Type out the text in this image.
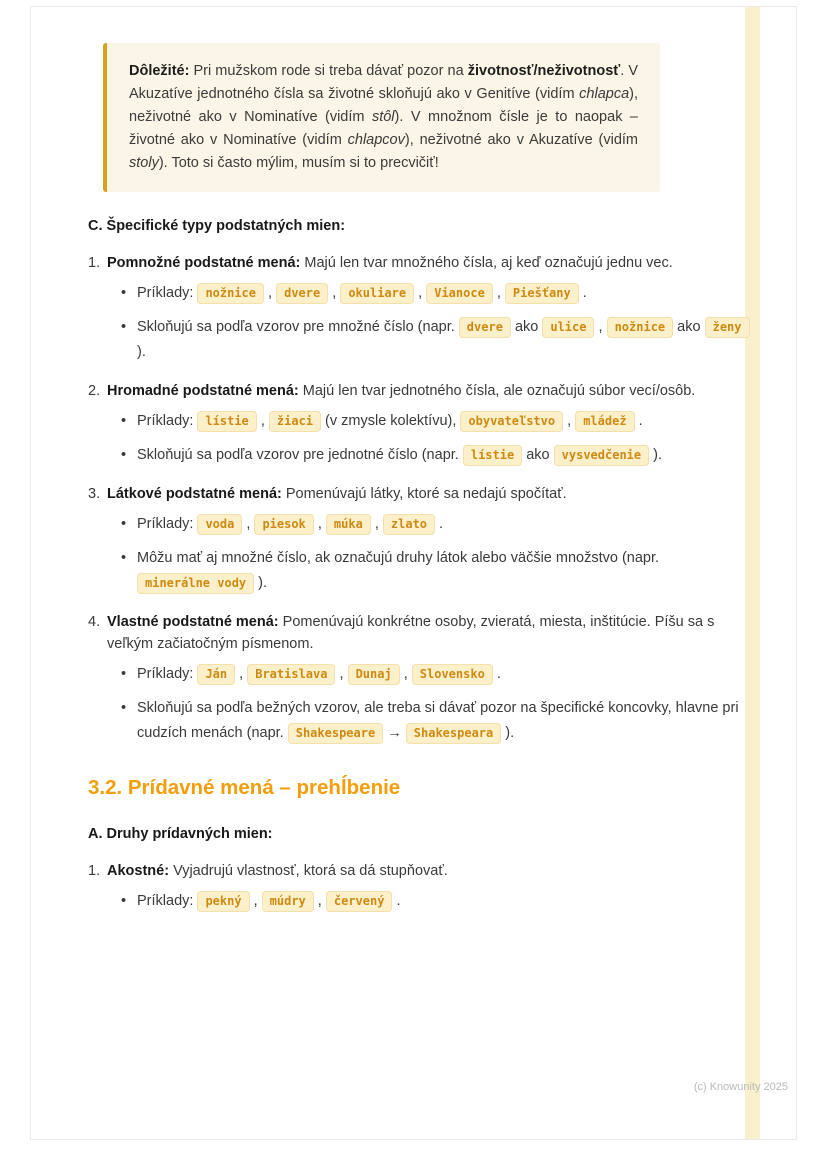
Dôležité: Pri mužskom rode si treba dávať pozor na životnosť/neživotnosť. V Akuzatíve jednotného čísla sa životné skloňujú ako v Genitíve (vidím chlapca), neživotné ako v Nominatíve (vidím stôl). V množnom čísle je to naopak – životné ako v Nominatíve (vidím chlapcov), neživotné ako v Akuzatíve (vidím stoly). Toto si často mýlim, musím si to precvičiť!

C. Špecifické typy podstatných mien:

1. Pomnožné podstatné mená: Majú len tvar množného čísla, aj keď označujú jednu vec.
• Príklady: nožnice , dvere , okuliare , Vianoce , Piešťany .
• Skloňujú sa podľa vzorov pre množné číslo (napr. dvere ako ulice , nožnice ako ženy ).
2. Hromadné podstatné mená: Majú len tvar jednotného čísla, ale označujú súbor vecí/osôb.
• Príklady: lístie , žiaci (v zmysle kolektívu), obyvateľstvo , mládež .
• Skloňujú sa podľa vzorov pre jednotné číslo (napr. lístie ako vysvedčenie ).
3. Látkové podstatné mená: Pomenúvajú látky, ktoré sa nedajú spočítať.
• Príklady: voda , piesok , múka , zlato .
• Môžu mať aj množné číslo, ak označujú druhy látok alebo väčšie množstvo (napr. minerálne vody ).
4. Vlastné podstatné mená: Pomenúvajú konkrétne osoby, zvieratá, miesta, inštitúcie. Píšu sa s veľkým začiatočným písmenom.
• Príklady: Ján , Bratislava , Dunaj , Slovensko .
• Skloňujú sa podľa bežných vzorov, ale treba si dávať pozor na špecifické koncovky, hlavne pri cudzích menách (napr. Shakespeare → Shakespeara ).
3.2. Prídavné mená – prehĺbenie

A. Druhy prídavných mien:

1. Akostné: Vyjadrujú vlastnosť, ktorá sa dá stupňovať.
• Príklady: pekný , múdry , červený .
(c) Knowunity 2025
